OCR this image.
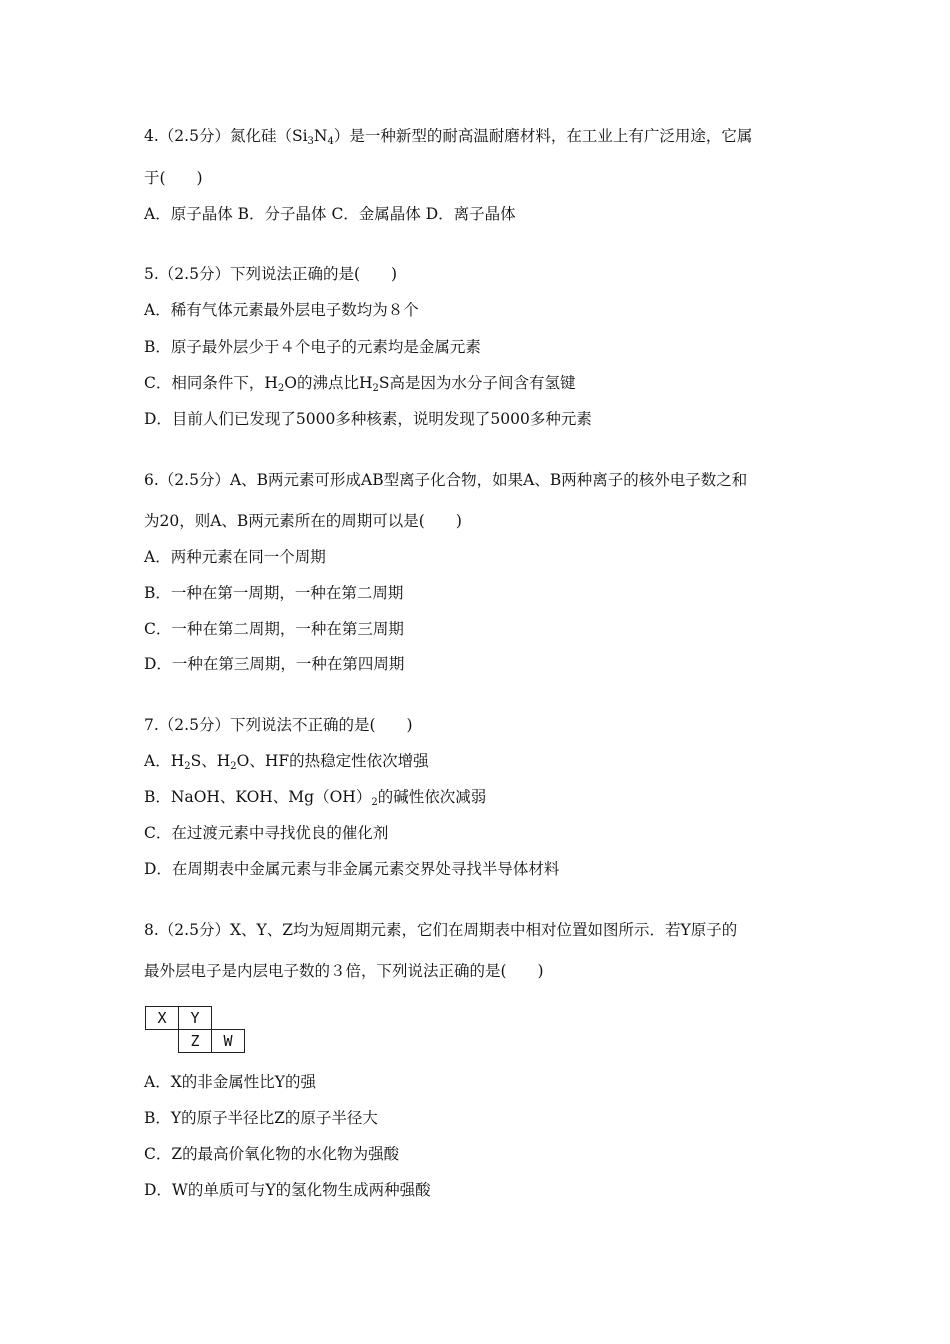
4.（2.5分）氮化硅$(Si_3N_4)$是一种新型的耐高温耐磨材料，在工业上有广泛用途，它属
于(　　)
A．原子晶体 B．分子晶体 C．金属晶体 D．离子晶体
5.（2.5分）下列说法正确的是(　　)
A．稀有气体元素最外层电子数均为８个
B．原子最外层少于４个电子的元素均是金属元素
C．相同条件下，$H_2O$的沸点比$H_2S$高是因为水分子间含有氢键
D．目前人们已发现了5000多种核素，说明发现了5000多种元素
6.（2.5分）A、B两元素可形成AB型离子化合物，如果A、B两种离子的核外电子数之和
为20，则A、B两元素所在的周期可以是(　　)
A．两种元素在同一个周期
B．一种在第一周期，一种在第二周期
C．一种在第二周期，一种在第三周期
D．一种在第三周期，一种在第四周期
7.（2.5分）下列说法不正确的是(　　)
A．$H_2S$、$H_2O$、HF的热稳定性依次增强
B．NaOH、KOH、$Mg(OH)_2$的碱性依次减弱
C．在过渡元素中寻找优良的催化剂
D．在周期表中金属元素与非金属元素交界处寻找半导体材料
8.（2.5分）X、Y、Z均为短周期元素，它们在周期表中相对位置如图所示．若Y原子的
最外层电子是内层电子数的３倍，下列说法正确的是(　　)
X	Y	
	Z	W
A．X的非金属性比Y的强
B．Y的原子半径比Z的原子半径大
C．Z的最高价氧化物的水化物为强酸
D．W的单质可与Y的氢化物生成两种强酸
